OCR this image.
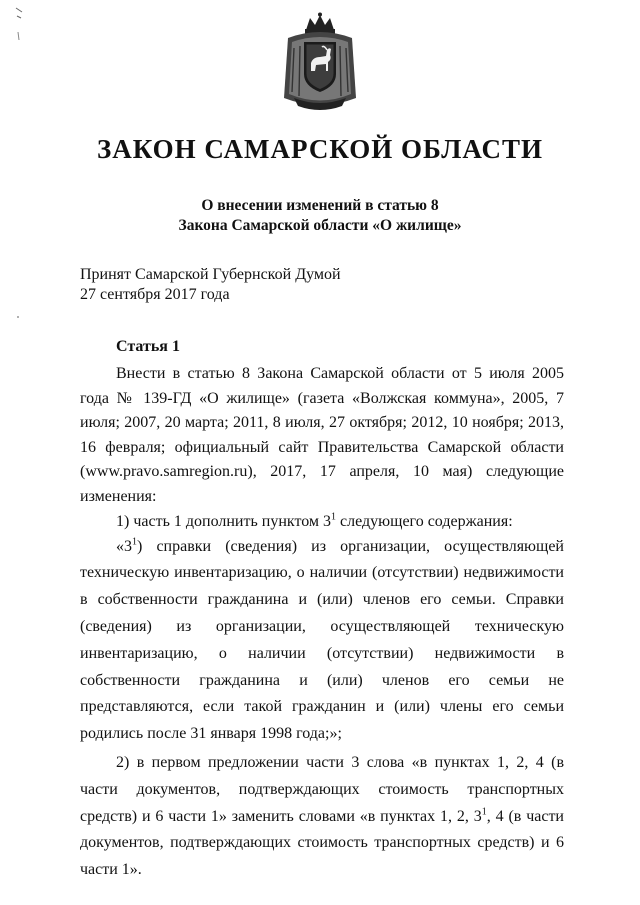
ЗАКОН САМАРСКОЙ ОБЛАСТИ
О внесении изменений в статью 8
Закона Самарской области «О жилище»
Принят Самарской Губернской Думой
27 сентября 2017 года
Статья 1

Внести в статью 8 Закона Самарской области от 5 июля 2005 года № 139-ГД «О жилище» (газета «Волжская коммуна», 2005, 7 июля; 2007, 20 марта; 2011, 8 июля, 27 октября; 2012, 10 ноября; 2013, 16 февраля; официальный сайт Правительства Самарской области (www.pravo.samregion.ru), 2017, 17 апреля, 10 мая) следующие изменения:

1) часть 1 дополнить пунктом $3^1$ следующего содержания:

«$3^1$) справки (сведения) из организации, осуществляющей техническую инвентаризацию, о наличии (отсутствии) недвижимости в собственности гражданина и (или) членов его семьи. Справки (сведения) из организации, осуществляющей техническую инвентаризацию, о наличии (отсутствии) недвижимости в собственности гражданина и (или) членов его семьи не представляются, если такой гражданин и (или) члены его семьи родились после 31 января 1998 года;»;

2) в первом предложении части 3 слова «в пунктах 1, 2, 4 (в части документов, подтверждающих стоимость транспортных средств) и 6 части 1» заменить словами «в пунктах 1, 2, $3^1$, 4 (в части документов, подтверждающих стоимость транспортных средств) и 6 части 1».
